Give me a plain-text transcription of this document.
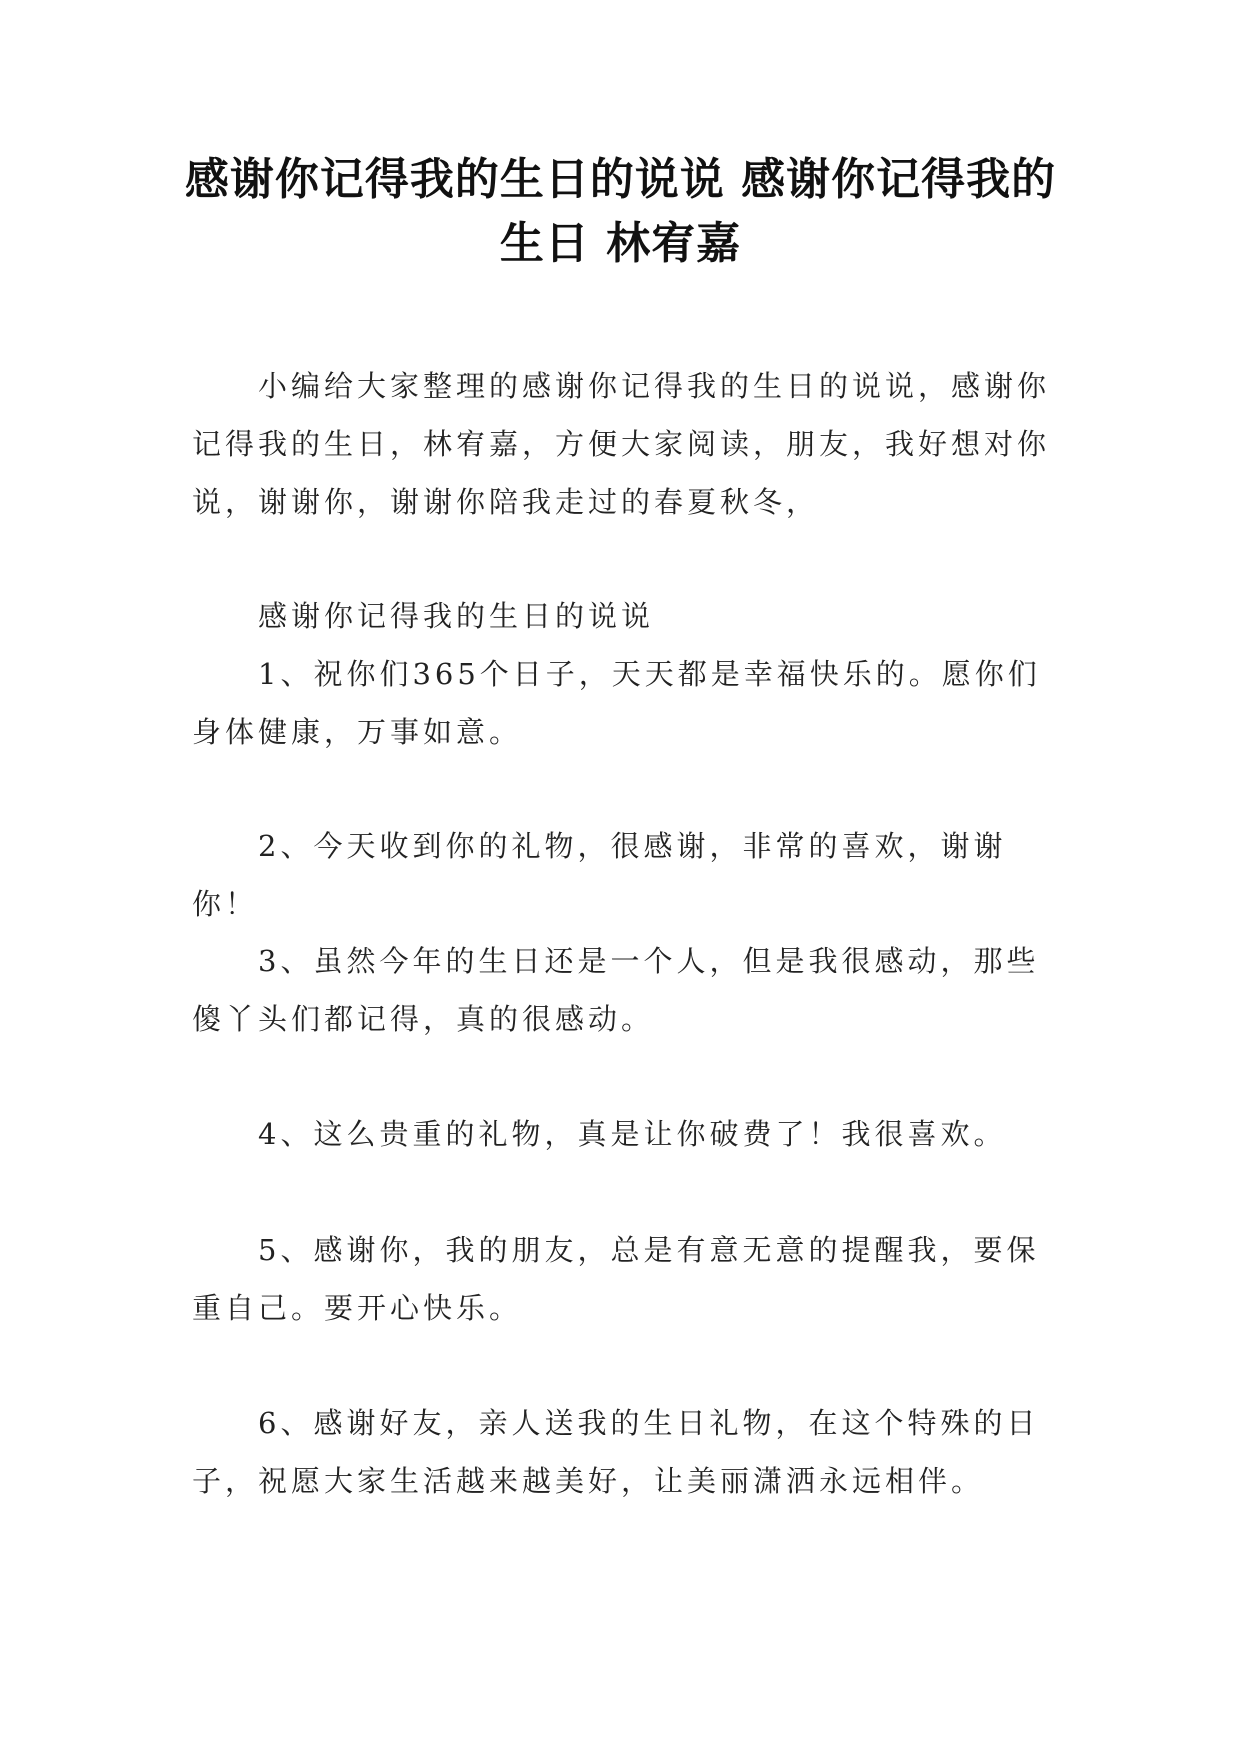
感谢你记得我的生日的说说 感谢你记得我的生日 林宥嘉

小编给大家整理的感谢你记得我的生日的说说，感谢你记得我的生日，林宥嘉，方便大家阅读，朋友，我好想对你说，谢谢你，谢谢你陪我走过的春夏秋冬，

感谢你记得我的生日的说说

1、祝你们365个日子，天天都是幸福快乐的。愿你们身体健康，万事如意。

2、今天收到你的礼物，很感谢，非常的喜欢，谢谢你！

3、虽然今年的生日还是一个人，但是我很感动，那些傻丫头们都记得，真的很感动。

4、这么贵重的礼物，真是让你破费了！我很喜欢。

5、感谢你，我的朋友，总是有意无意的提醒我，要保重自己。要开心快乐。

6、感谢好友，亲人送我的生日礼物，在这个特殊的日子，祝愿大家生活越来越美好，让美丽潇洒永远相伴。
